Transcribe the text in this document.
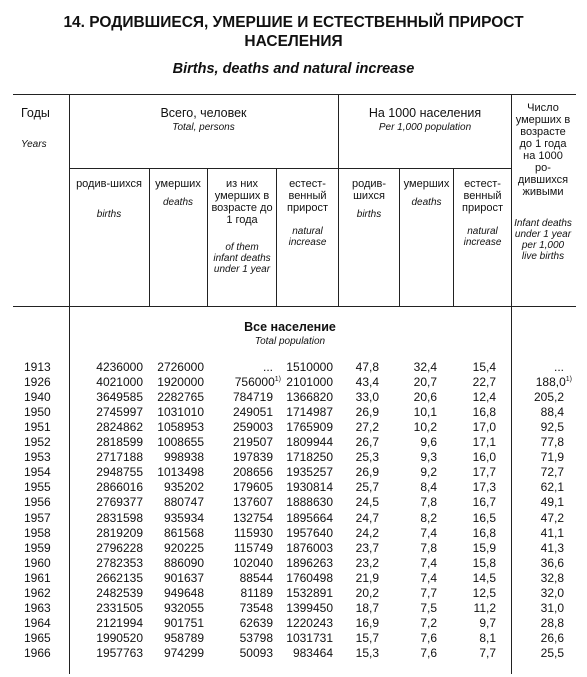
14. РОДИВШИЕСЯ, УМЕРШИЕ И ЕСТЕСТВЕННЫЙ ПРИРОСТ
НАСЕЛЕНИЯ
Births, deaths and natural increase
Годы
Years
Всего, человек
Total, persons
На 1000 населения
Per 1,000 population
Число умерших в возрасте до 1 года на 1000 ро-дившихся живыми
Infant deaths under 1 year per 1,000 live births
родив-шихся
births
умерших
deaths
из них умерших в возрасте до 1 года
of them infant deaths under 1 year
естест-венный прирост
natural increase
родив-шихся
births
умерших
deaths
естест-венный прирост
natural increase
Все население
Total population
1913	4236000 2726000	... 1510000 47,8	32,4	15,4	...
1926	4021000 1920000	756000$^{1)}$ 2101000 43,4	20,7	22,7	188,0$^{1)}$
1940	3649585 2282765 784719 1366820 33,0	20,6	12,4	205,2
1950	2745997 1031010 249051 1714987 26,9	10,1	16,8	88,4
1951	2824862 1058953 259003 1765909 27,2	10,2	17,0	92,5
1952	2818599 1008655 219507 1809944 26,7	9,6	17,1	77,8
1953	2717188 998938 197839 1718250 25,3	9,3	16,0	71,9
1954	2948755 1013498 208656 1935257 26,9	9,2	17,7	72,7
1955	2866016 935202 179605 1930814 25,7	8,4	17,3	62,1
1956	2769377 880747 137607 1888630 24,5	7,8	16,7	49,1
1957	2831598 935934 132754 1895664 24,7	8,2	16,5	47,2
1958	2819209 861568 115930 1957640 24,2	7,4	16,8	41,1
1959	2796228 920225 115749 1876003 23,7	7,8	15,9	41,3
1960	2782353 886090 102040 1896263 23,2	7,4	15,8	36,6
1961	2662135 901637	88544 1760498 21,9	7,4	14,5	32,8
1962	2482539 949648	81189 1532891 20,2	7,7	12,5	32,0
1963	2331505 932055	73548 1399450 18,7	7,5	11,2	31,0
1964	2121994 901751	62639 1220243 16,9	7,2	9,7	28,8
1965	1990520 958789	53798 1031731 15,7	7,6	8,1	26,6
1966	1957763 974299	50093 983464 15,3	7,6	7,7	25,5
